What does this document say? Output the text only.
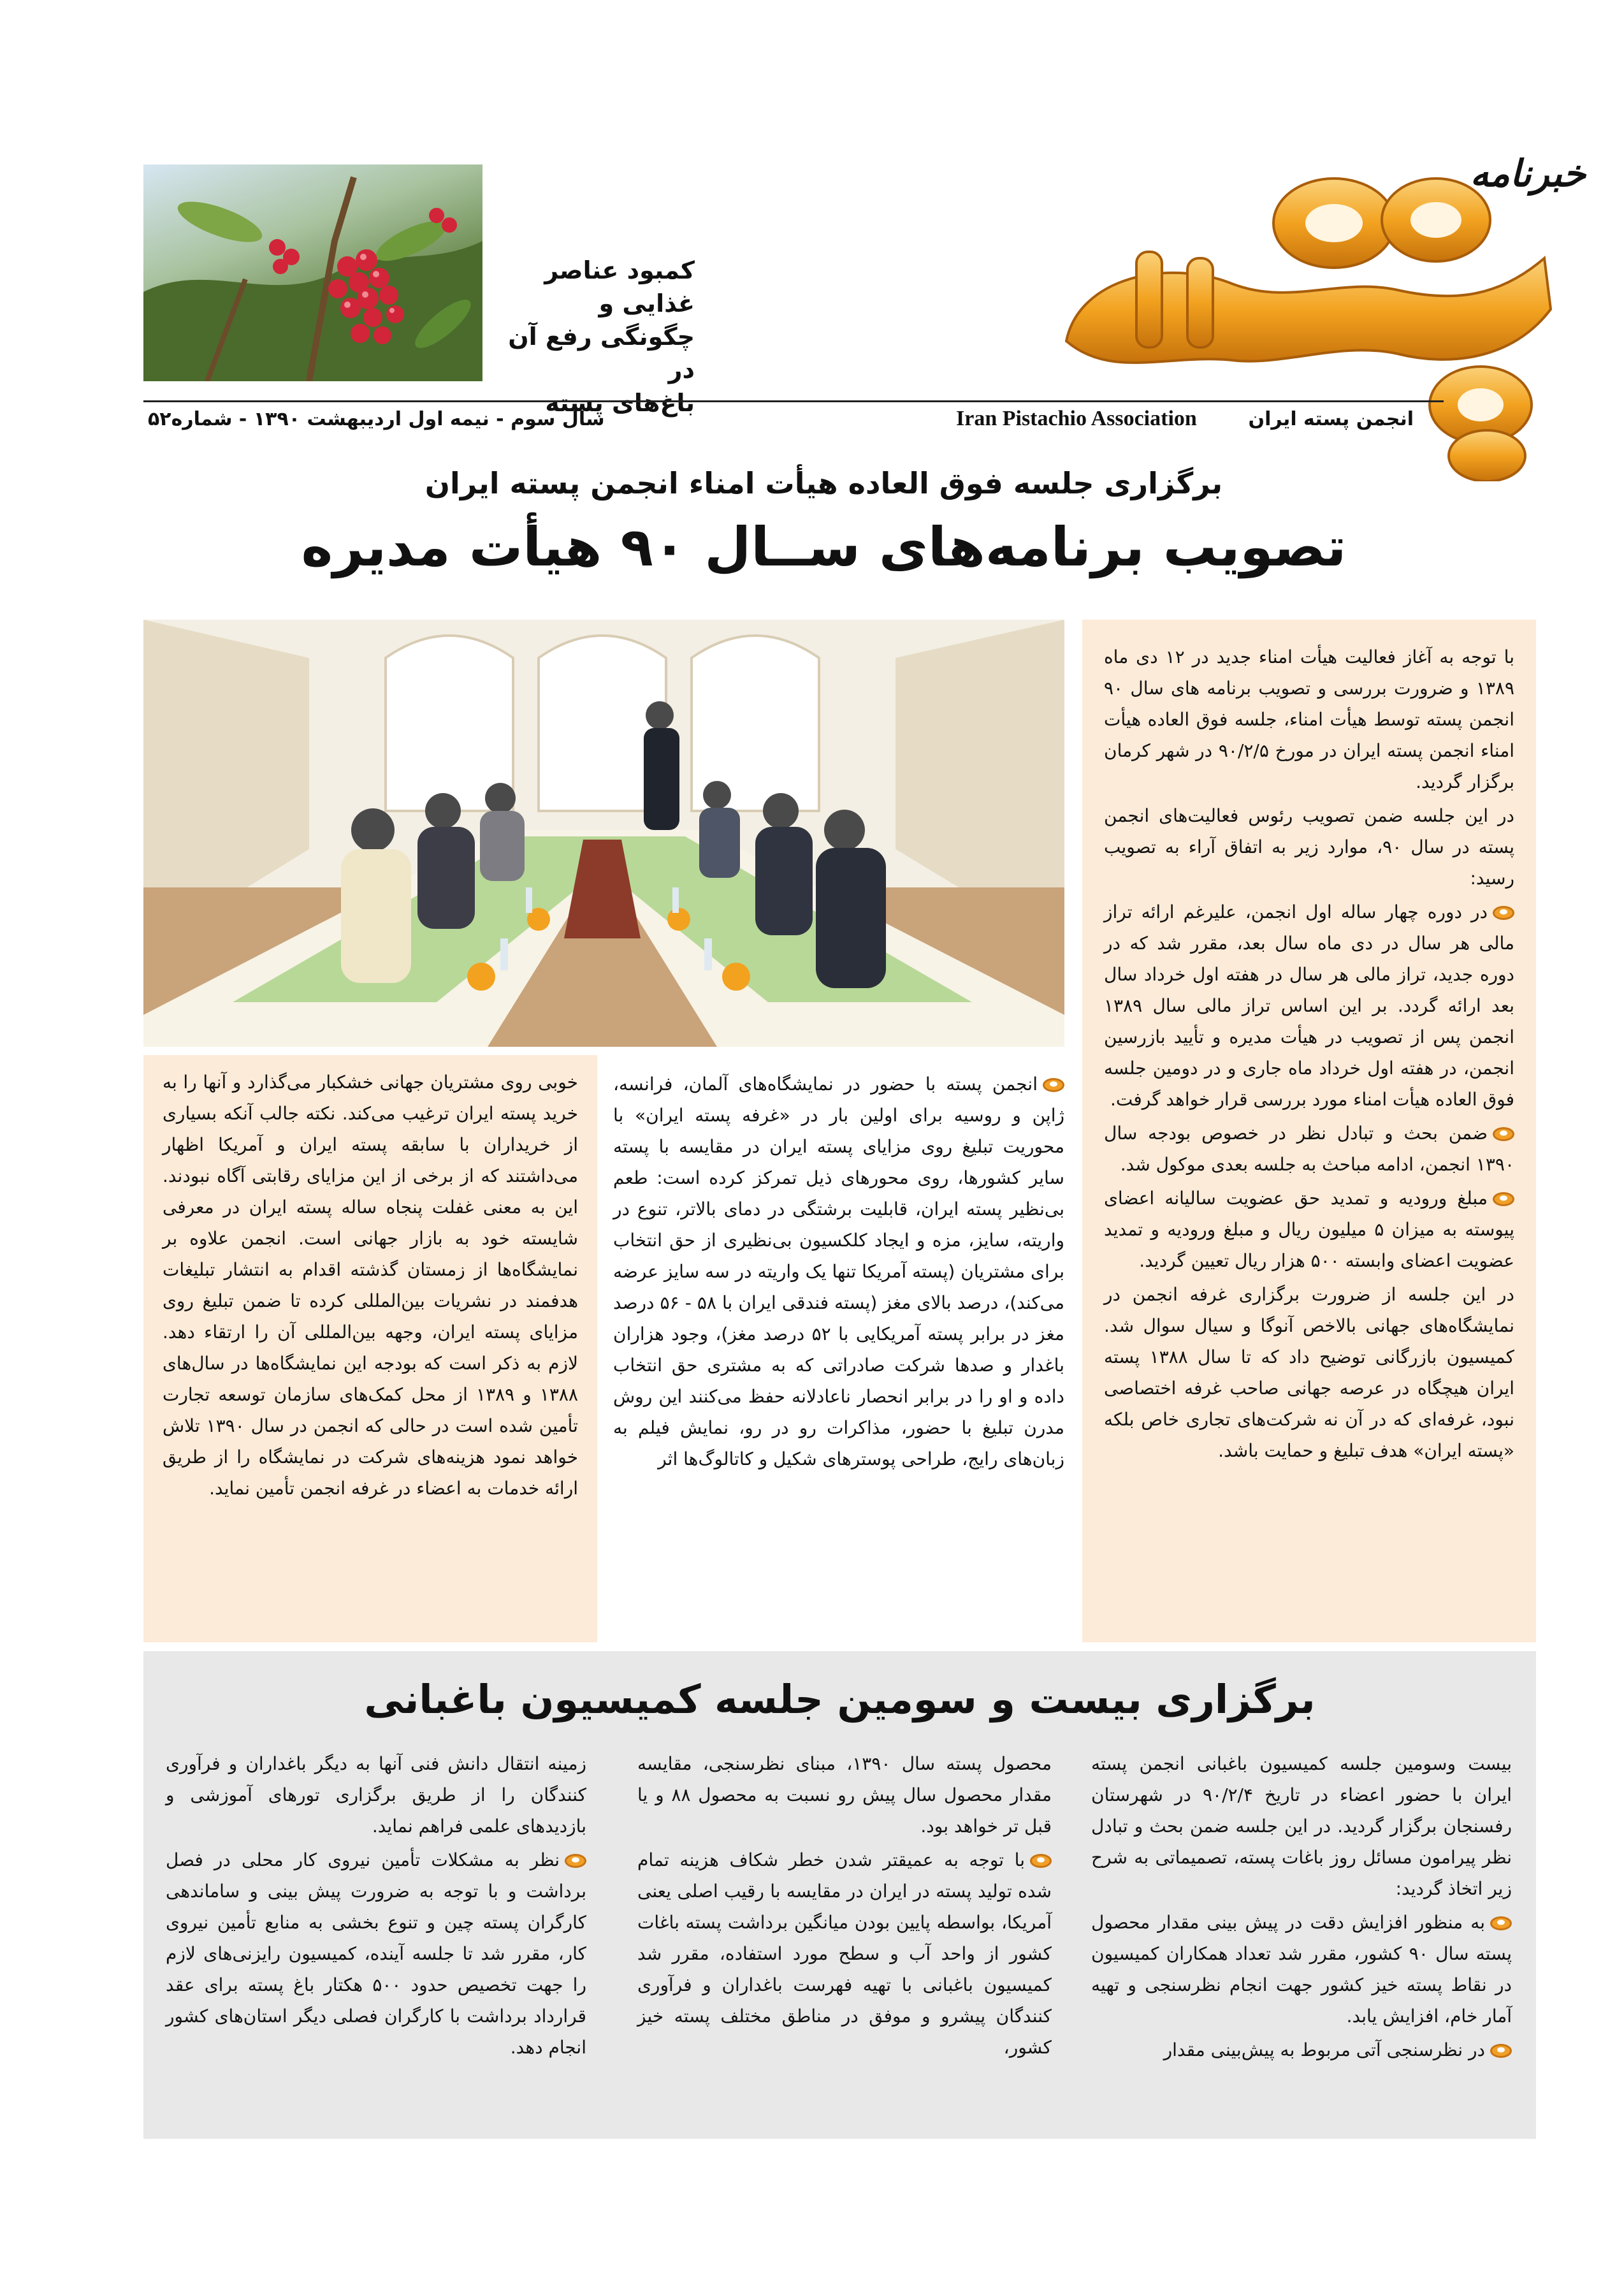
خبرنامه
کمبود عناصر غذایی و
چگونگی رفع آن در
باغ‌های پسته
انجمن پسته ایران
Iran Pistachio Association
سال سوم - نیمه اول اردیبهشت ۱۳۹۰ - شماره۵۲
برگزاری جلسه فوق العاده هیأت امناء انجمن پسته ایران
تصویب برنامه‌های ســال ۹۰ هیأت مدیره

با توجه به آغاز فعالیت هیأت امناء جدید در ۱۲ دی ماه ۱۳۸۹ و ضرورت بررسی و تصویب برنامه های سال ۹۰ انجمن پسته توسط هیأت امناء، جلسه فوق العاده هیأت امناء انجمن پسته ایران در مورخ ۹۰/۲/۵ در شهر کرمان برگزار گردید.

در این جلسه ضمن تصویب رئوس فعالیت‌های انجمن پسته در سال ۹۰، موارد زیر به اتفاق آراء به تصویب رسید:

در دوره چهار ساله اول انجمن، علیرغم ارائه تراز مالی هر سال در دی ماه سال بعد، مقرر شد که در دوره جدید، تراز مالی هر سال در هفته اول خرداد سال بعد ارائه گردد. بر این اساس تراز مالی سال ۱۳۸۹ انجمن پس از تصویب در هیأت مدیره و تأیید بازرسین انجمن، در هفته اول خرداد ماه جاری و در دومین جلسه فوق العاده هیأت امناء مورد بررسی قرار خواهد گرفت.

ضمن بحث و تبادل نظر در خصوص بودجه سال ۱۳۹۰ انجمن، ادامه مباحث به جلسه بعدی موکول شد.

مبلغ ورودیه و تمدید حق عضویت سالیانه اعضای پیوسته به میزان ۵ میلیون ریال و مبلغ ورودیه و تمدید عضویت اعضای وابسته ۵۰۰ هزار ریال تعیین گردید.

در این جلسه از ضرورت برگزاری غرفه انجمن در نمایشگاه‌های جهانی بالاخص آنوگا و سیال سوال شد. کمیسیون بازرگانی توضیح داد که تا سال ۱۳۸۸ پسته ایران هیچگاه در عرصه جهانی صاحب غرفه اختصاصی نبود، غرفه‌ای که در آن نه شرکت‌های تجاری خاص بلکه «پسته ایران» هدف تبلیغ و حمایت باشد.

انجمن پسته با حضور در نمایشگاه‌های آلمان، فرانسه، ژاپن و روسیه برای اولین بار در «غرفه پسته ایران» با محوریت تبلیغ روی مزایای پسته ایران در مقایسه با پسته سایر کشورها، روی محورهای ذیل تمرکز کرده است: طعم بی‌نظیر پسته ایران، قابلیت برشتگی در دمای بالاتر، تنوع در واریته، سایز، مزه و ایجاد کلکسیون بی‌نظیری از حق انتخاب برای مشتریان (پسته آمریکا تنها یک واریته در سه سایز عرضه می‌کند)، درصد بالای مغز (پسته فندقی ایران با ۵۸ - ۵۶ درصد مغز در برابر پسته آمریکایی با ۵۲ درصد مغز)، وجود هزاران باغدار و صدها شرکت صادراتی که به مشتری حق انتخاب داده و او را در برابر انحصار ناعادلانه حفظ می‌کنند این روش مدرن تبلیغ با حضور، مذاکرات رو در رو، نمایش فیلم به زبان‌های رایج، طراحی پوسترهای شکیل و کاتالوگ‌ها اثر

خوبی روی مشتریان جهانی خشکبار می‌گذارد و آنها را به خرید پسته ایران ترغیب می‌کند. نکته جالب آنکه بسیاری از خریداران با سابقه پسته ایران و آمریکا اظهار می‌داشتند که از برخی از این مزایای رقابتی آگاه نبودند. این به معنی غفلت پنجاه ساله پسته ایران در معرفی شایسته خود به بازار جهانی است. انجمن علاوه بر نمایشگاه‌ها از زمستان گذشته اقدام به انتشار تبلیغات هدفمند در نشریات بین‌المللی کرده تا ضمن تبلیغ روی مزایای پسته ایران، وجهه بین‌المللی آن را ارتقاء دهد. لازم به ذکر است که بودجه این نمایشگاه‌ها در سال‌های ۱۳۸۸ و ۱۳۸۹ از محل کمک‌های سازمان توسعه تجارت تأمین شده است در حالی که انجمن در سال ۱۳۹۰ تلاش خواهد نمود هزینه‌های شرکت در نمایشگاه را از طریق ارائه خدمات به اعضاء در غرفه انجمن تأمین نماید.

برگزاری بیست و سومین جلسه کمیسیون باغبانی

بیست وسومین جلسه کمیسیون باغبانی انجمن پسته ایران با حضور اعضاء در تاریخ ۹۰/۲/۴ در شهرستان رفسنجان برگزار گردید. در این جلسه ضمن بحث و تبادل نظر پیرامون مسائل روز باغات پسته، تصمیماتی به شرح زیر اتخاذ گردید:

به منظور افزایش دقت در پیش بینی مقدار محصول پسته سال ۹۰ کشور، مقرر شد تعداد همکاران کمیسیون در نقاط پسته خیز کشور جهت انجام نظرسنجی و تهیه آمار خام، افزایش یابد.

در نظرسنجی آتی مربوط به پیش‌بینی مقدار

محصول پسته سال ۱۳۹۰، مبنای نظرسنجی، مقایسه مقدار محصول سال پیش رو نسبت به محصول ۸۸ و یا قبل تر خواهد بود.

با توجه به عمیقتر شدن خطر شکاف هزینه تمام شده تولید پسته در ایران در مقایسه با رقیب اصلی یعنی آمریکا، بواسطه پایین بودن میانگین برداشت پسته باغات کشور از واحد آب و سطح مورد استفاده، مقرر شد کمیسیون باغبانی با تهیه فهرست باغداران و فرآوری کنندگان پیشرو و موفق در مناطق مختلف پسته خیز کشور،

زمینه انتقال دانش فنی آنها به دیگر باغداران و فرآوری کنندگان را از طریق برگزاری تورهای آموزشی و بازدیدهای علمی فراهم نماید.

نظر به مشکلات تأمین نیروی کار محلی در فصل برداشت و با توجه به ضرورت پیش بینی و ساماندهی کارگران پسته چین و تنوع بخشی به منابع تأمین نیروی کار، مقرر شد تا جلسه آینده، کمیسیون رایزنی‌های لازم را جهت تخصیص حدود ۵۰۰ هکتار باغ پسته برای عقد قرارداد برداشت با کارگران فصلی دیگر استان‌های کشور انجام دهد.
